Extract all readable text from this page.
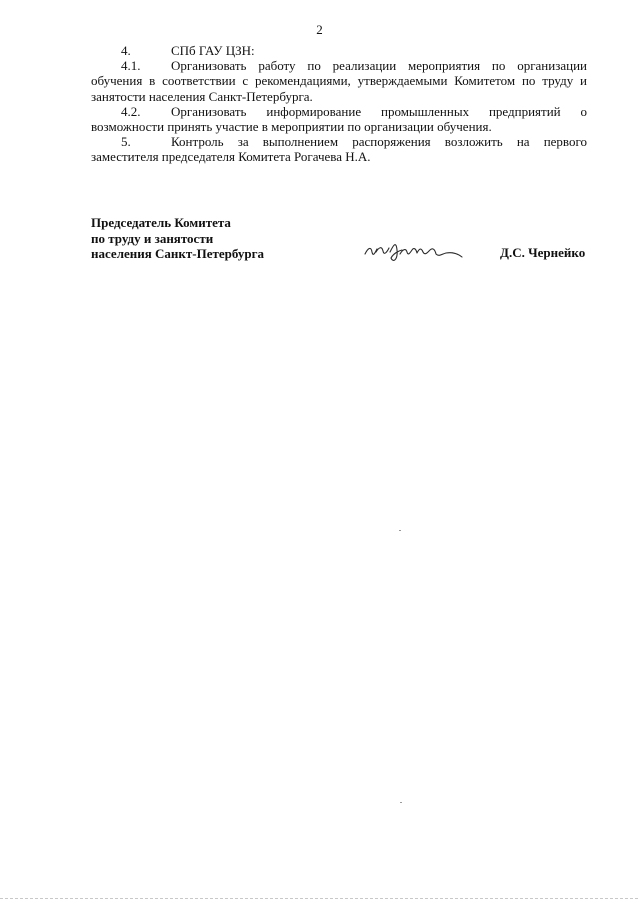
2

4.	СПб ГАУ ЦЗН:

4.1. Организовать работу по реализации мероприятия по организации обучения в соответствии с рекомендациями, утверждаемыми Комитетом по труду и занятости населения Санкт-Петербурга.

4.2. Организовать информирование промышленных предприятий о возможности принять участие в мероприятии по организации обучения.

5.	Контроль за выполнением распоряжения возложить на первого заместителя председателя Комитета Рогачева Н.А.

Председатель Комитета
по труду и занятости
населения Санкт-Петербурга	Д.С. Чернейко
